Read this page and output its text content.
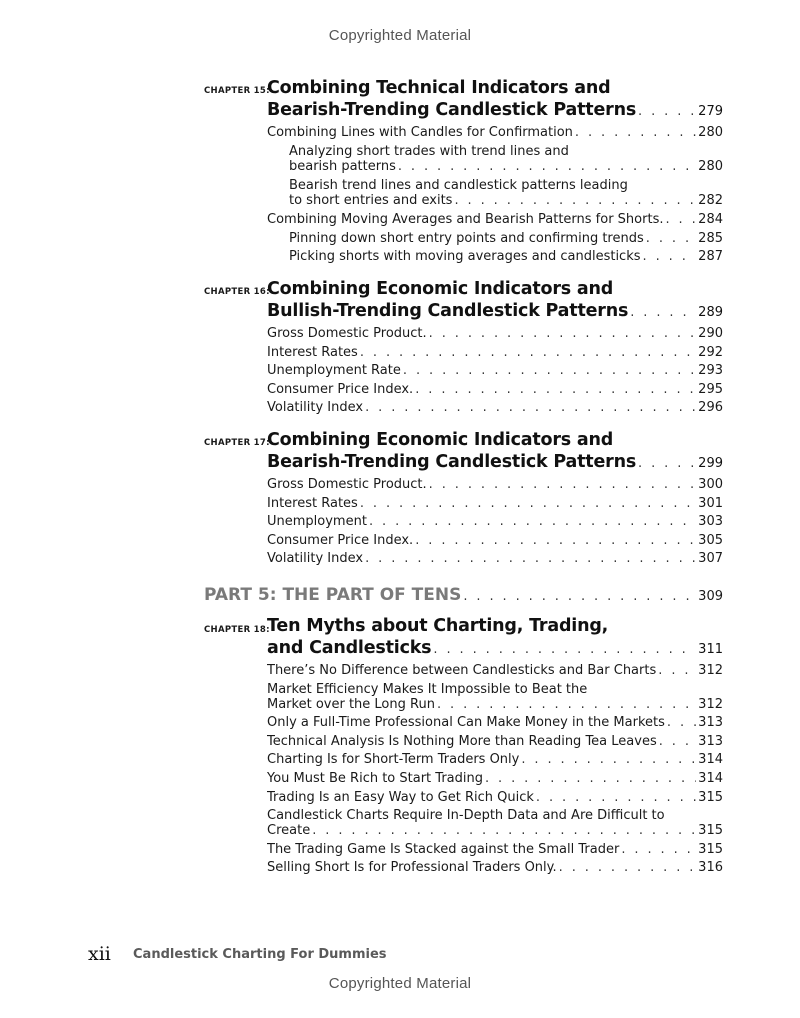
Copyrighted Material
CHAPTER 15:
Combining Technical Indicators and
Bearish-Trending Candlestick Patterns . . .	279
Combining Lines with Candles for Confirmation . . .	280
Analyzing short trades with trend lines and
bearish patterns . . .	280
Bearish trend lines and candlestick patterns leading
to short entries and exits . . .	282
Combining Moving Averages and Bearish Patterns for Shorts. . . .	284
Pinning down short entry points and confirming trends . . .	285
Picking shorts with moving averages and candlesticks . . .	287
CHAPTER 16:
Combining Economic Indicators and
Bullish-Trending Candlestick Patterns . . .	289
Gross Domestic Product. . . .	290
Interest Rates . . .	292
Unemployment Rate . . .	293
Consumer Price Index. . . .	295
Volatility Index . . .	296
CHAPTER 17:
Combining Economic Indicators and
Bearish-Trending Candlestick Patterns . . .	299
Gross Domestic Product. . . .	300
Interest Rates . . .	301
Unemployment . . .	303
Consumer Price Index. . . .	305
Volatility Index . . .	307
PART 5: THE PART OF TENS . . .	309
CHAPTER 18:
Ten Myths about Charting, Trading,
and Candlesticks . . .	311
There’s No Difference between Candlesticks and Bar Charts . . .	312
Market Efficiency Makes It Impossible to Beat the
Market over the Long Run . . .	312
Only a Full-Time Professional Can Make Money in the Markets . . .	313
Technical Analysis Is Nothing More than Reading Tea Leaves . . .	313
Charting Is for Short-Term Traders Only . . .	314
You Must Be Rich to Start Trading . . .	314
Trading Is an Easy Way to Get Rich Quick . . .	315
Candlestick Charts Require In-Depth Data and Are Difficult to
Create . . .	315
The Trading Game Is Stacked against the Small Trader . . .	315
Selling Short Is for Professional Traders Only. . . .	316
xii Candlestick Charting For Dummies
Copyrighted Material
